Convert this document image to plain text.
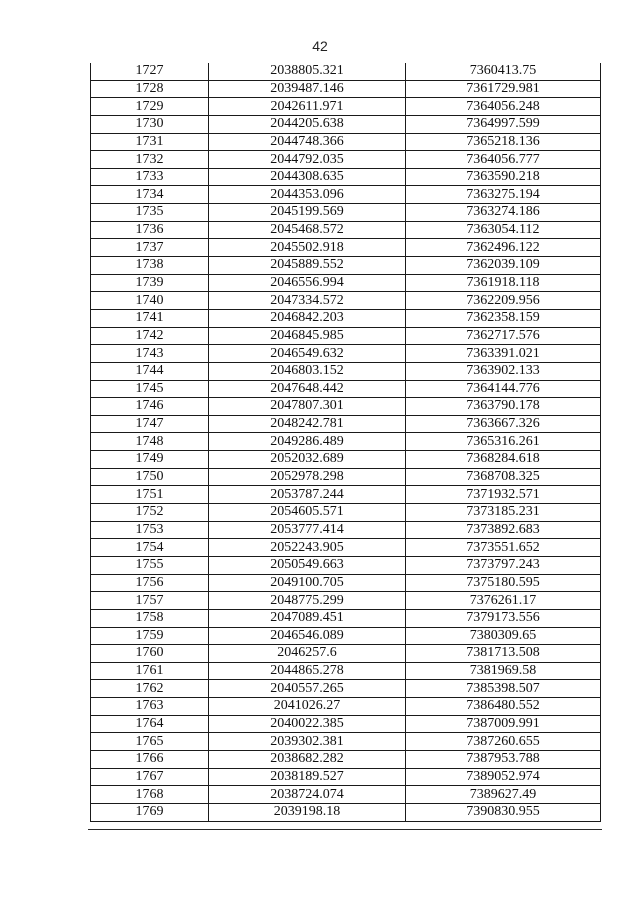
42
1727	2038805.321	7360413.75
1728	2039487.146	7361729.981
1729	2042611.971	7364056.248
1730	2044205.638	7364997.599
1731	2044748.366	7365218.136
1732	2044792.035	7364056.777
1733	2044308.635	7363590.218
1734	2044353.096	7363275.194
1735	2045199.569	7363274.186
1736	2045468.572	7363054.112
1737	2045502.918	7362496.122
1738	2045889.552	7362039.109
1739	2046556.994	7361918.118
1740	2047334.572	7362209.956
1741	2046842.203	7362358.159
1742	2046845.985	7362717.576
1743	2046549.632	7363391.021
1744	2046803.152	7363902.133
1745	2047648.442	7364144.776
1746	2047807.301	7363790.178
1747	2048242.781	7363667.326
1748	2049286.489	7365316.261
1749	2052032.689	7368284.618
1750	2052978.298	7368708.325
1751	2053787.244	7371932.571
1752	2054605.571	7373185.231
1753	2053777.414	7373892.683
1754	2052243.905	7373551.652
1755	2050549.663	7373797.243
1756	2049100.705	7375180.595
1757	2048775.299	7376261.17
1758	2047089.451	7379173.556
1759	2046546.089	7380309.65
1760	2046257.6	7381713.508
1761	2044865.278	7381969.58
1762	2040557.265	7385398.507
1763	2041026.27	7386480.552
1764	2040022.385	7387009.991
1765	2039302.381	7387260.655
1766	2038682.282	7387953.788
1767	2038189.527	7389052.974
1768	2038724.074	7389627.49
1769	2039198.18	7390830.955
